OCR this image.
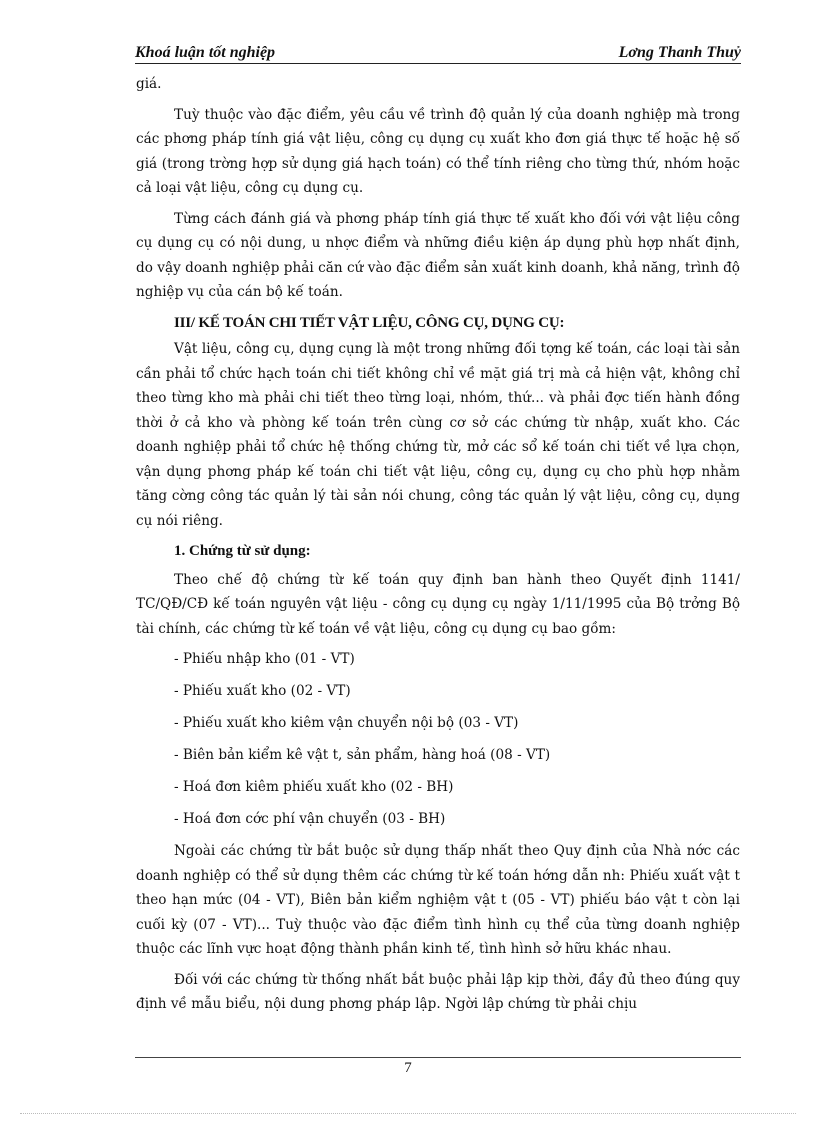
Khoá luận tốt nghiệp	Lơng Thanh Thuỷ

giá.

Tuỳ thuộc vào đặc điểm, yêu cầu về trình độ quản lý của doanh nghiệp mà trong các phơng pháp tính giá vật liệu, công cụ dụng cụ xuất kho đơn giá thực tế hoặc hệ số giá (trong trờng hợp sử dụng giá hạch toán) có thể tính riêng cho từng thứ, nhóm hoặc cả loại vật liệu, công cụ dụng cụ.

Từng cách đánh giá và phơng pháp tính giá thực tế xuất kho đối với vật liệu công cụ dụng cụ có nội dung, u nhợc điểm và những điều kiện áp dụng phù hợp nhất định, do vậy doanh nghiệp phải căn cứ vào đặc điểm sản xuất kinh doanh, khả năng, trình độ nghiệp vụ của cán bộ kế toán.

III/ KẾ TOÁN CHI TIẾT VẬT LIỆU, CÔNG CỤ, DỤNG CỤ:

Vật liệu, công cụ, dụng cụng là một trong những đối tợng kế toán, các loại tài sản cần phải tổ chức hạch toán chi tiết không chỉ về mặt giá trị mà cả hiện vật, không chỉ theo từng kho mà phải chi tiết theo từng loại, nhóm, thứ... và phải đợc tiến hành đồng thời ở cả kho và phòng kế toán trên cùng cơ sở các chứng từ nhập, xuất kho. Các doanh nghiệp phải tổ chức hệ thống chứng từ, mở các sổ kế toán chi tiết về lựa chọn, vận dụng phơng pháp kế toán chi tiết vật liệu, công cụ, dụng cụ cho phù hợp nhằm tăng cờng công tác quản lý tài sản nói chung, công tác quản lý vật liệu, công cụ, dụng cụ nói riêng.

1. Chứng từ sử dụng:

Theo chế độ chứng từ kế toán quy định ban hành theo Quyết định 1141/ TC/QĐ/CĐ kế toán nguyên vật liệu - công cụ dụng cụ ngày 1/11/1995 của Bộ trởng Bộ tài chính, các chứng từ kế toán về vật liệu, công cụ dụng cụ bao gồm:

- Phiếu nhập kho (01 - VT)

- Phiếu xuất kho (02 - VT)

- Phiếu xuất kho kiêm vận chuyển nội bộ (03 - VT)

- Biên bản kiểm kê vật t, sản phẩm, hàng hoá (08 - VT)

- Hoá đơn kiêm phiếu xuất kho (02 - BH)

- Hoá đơn cớc phí vận chuyển (03 - BH)

Ngoài các chứng từ bắt buộc sử dụng thấp nhất theo Quy định của Nhà nớc các doanh nghiệp có thể sử dụng thêm các chứng từ kế toán hớng dẫn nh: Phiếu xuất vật t theo hạn mức (04 - VT), Biên bản kiểm nghiệm vật t (05 - VT) phiếu báo vật t còn lại cuối kỳ (07 - VT)... Tuỳ thuộc vào đặc điểm tình hình cụ thể của từng doanh nghiệp thuộc các lĩnh vực hoạt động thành phần kinh tế, tình hình sở hữu khác nhau.

Đối với các chứng từ thống nhất bắt buộc phải lập kịp thời, đầy đủ theo đúng quy định về mẫu biểu, nội dung phơng pháp lập. Ngời lập chứng từ phải chịu

7
